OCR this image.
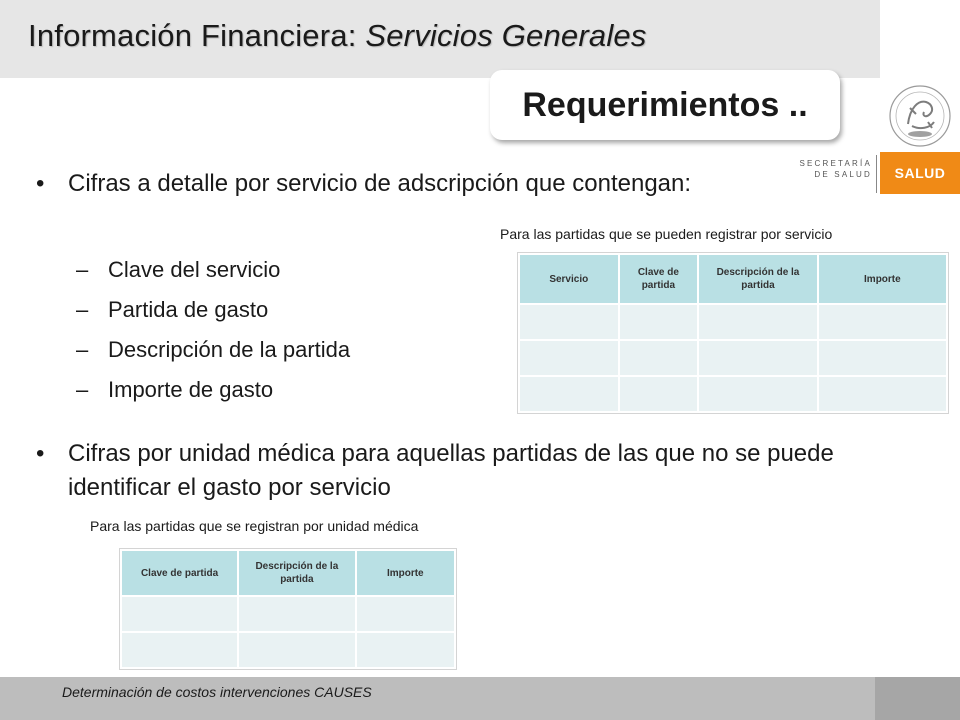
Información Financiera: Servicios Generales
Requerimientos ..
SECRETARÍA
DE SALUD	SALUD
• Cifras a detalle por servicio de adscripción que contengan:
– Clave del servicio
– Partida de gasto
– Descripción de la partida
– Importe de gasto
Para las partidas que se pueden registrar por servicio
Servicio	Clave de partida	Descripción de la partida	Importe

• Cifras por unidad médica para aquellas partidas de las que no se puede identificar el gasto por servicio
Para las partidas que se registran por unidad médica
Clave de partida	Descripción de la partida	Importe

Determinación de costos intervenciones CAUSES
